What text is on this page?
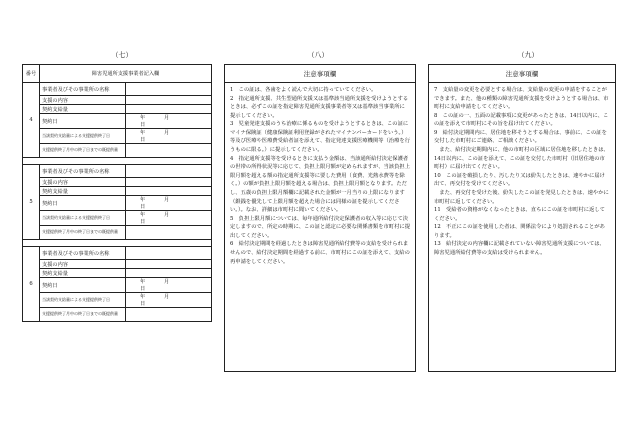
（七）	（八）	（九）
番号	障害児通所支援事業者記入欄	
4	事業者及びその事業所の名称	
	支援の内容	
	契約支給量	
	契約日	年 月日
	当該契約支給量による支援提供終了日	年 月日
	支援提供終了月中の終了日までの既提供量	

5	事業者及びその事業所の名称	
	支援の内容	
	契約支給量	
	契約日	年 月日
	当該契約支給量による支援提供終了日	年 月日
	支援提供終了月中の終了日までの既提供量	

6	事業者及びその事業所の名称	
	支援の内容	
	契約支給量	
	契約日	年 月日
	当該契約支給量による支援提供終了日	年 月日
	支援提供終了月中の終了日までの既提供量	
注意事項欄

1　この証は、各歯をよく読んで大切に持っていてください。

2　指定通所支援、共生型通所支援又は基準該当通所支援を受けようとするときは、必ずこの証を指定障害児通所支援事業者等又は基準該当事業所に提示してください。

3　児童発達支援のうち治療に係るものを受けようとするときは、この証にマイナ保険証（健康保険証利用登録がされたマイナンバーカードをいう。）等及び医療や医療費受給者証を添えて、指定発達支援医療機関等（治療を行うものに限る。）に提示してください。

4　指定通所支援等を受けるときに支払う金額は、当該通所給付決定保護者の世帯の所得状況等に応じて、負担上限月額が定められますが、当該負担上限月額を超える額の指定通所支援等に要した費用（食費、光熱水費等を除く。）の額が負担上限月額を超える場合は、負担上限月額となります。ただし、五歳の負担上限月額欄に記載された金額が一月当りの上限になります（銀銭を優先して上限月額を超えた場合には同様の証を提示してください。）。なお、詳細は市町村に聞いてください。

5　負担上限月額については、毎年通所給付決定保護者の収入等に応じて決定しますので、所定の時期に、この証と認定に必要な関係書類を市町村に提出してください。

6　給付決定期間を経過したときは障害児通所給付費等の支給を受けられませんので、給付決定期間を経過する前に、市町村にこの証を添えて、支給の再申請をしてください。

注意事項欄

7　支給量の変更を必要とする場合は、支給量の変更の申請をすることができます。また、他の種類の障害児通所支援を受けようとする場合は、市町村に支給申請をしてください。

8　この証の一、五面の記載事項に変更があったときは、14日以内に、この証を添えて市町村にその旨を届け出てください。

9　給付決定期間内に、居住地を移そうとする場合は、事前に、この証を交付した市町村にご連絡、ご相談ください。

　また、給付決定期間内に、他の市町村の区域に居住地を移したときは、14日以内に、この証を添えて、この証を交付した市町村（旧居住地の市町村）に届け出てください。

10　この証を破損したり、汚したり又は紛失したときは、速やかに届け出て、再交付を受けてください。

　また、再交付を受けた後、紛失したこの証を発見したときは、速やかに市町村に返してください。

11　受給者の資格がなくなったときは、直ちにこの証を市町村に返してください。

12　不正にこの証を使用した者は、関係法令により処罰されることがあります。

13　給付決定の内容欄に記載されていない障害児通所支援については、障害児通所給付費等の支給は受けられません。
